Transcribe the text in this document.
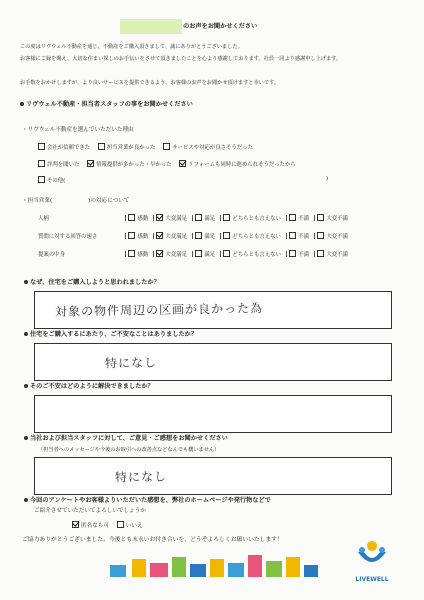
のお声をお聞かせください
この度はリヴウェル不動産を通じ、不動産をご購入頂きまして、誠にありがとうございました。
お客様にご縁を賜え、大切な住まい探しのお手伝いをさせて頂きましたことを心より感謝しております。社員一同より感謝申し上げます。
お手数をおかけしますが、より良いサービスを提供できるよう、お客様のお声をお聞かせ頂けますと幸いです。
リヴウェル不動産・担当者スタッフの事をお聞かせください
・リヴウェル不動産を選んでいただいた理由
会社が信頼できた	担当営業が良かった	サービスや対応が良さそうだった
評判を聞いた	情報提供が多かった・早かった	リフォームも同時に進められそうだったから
その他(	)
・担当営業(	)の対応について
人柄	感動	大変満足	満足	どちらとも言えない	不満	大変不満
質問に対する回答の速さ	感動	大変満足	満足	どちらとも言えない	不満	大変不満
提案の中身	感動	大変満足	満足	どちらとも言えない	不満	大変不満
なぜ、住宅をご購入しようと思われましたか？
対象の物件周辺の区画が良かった為
住宅をご購入するにあたり、ご不安なことはありましたか？
特になし
そのご不安はどのように解決できましたか？
当社および担当スタッフに対して、ご意見・ご感想をお聞かせください
（担当者へのメッセージや今後のお取引への改善点などなんでも構いません）
特になし
今回のアンケートやお客様よりいただいた感想を、弊社のホームページや発行物などで
ご紹介させていただいてよろしいでしょうか
匿名なら可	いいえ
ご協力ありがとうございました。今後とも末永いお付き合いを、どうぞよろしくお願いいたします！
LIVEWELL
